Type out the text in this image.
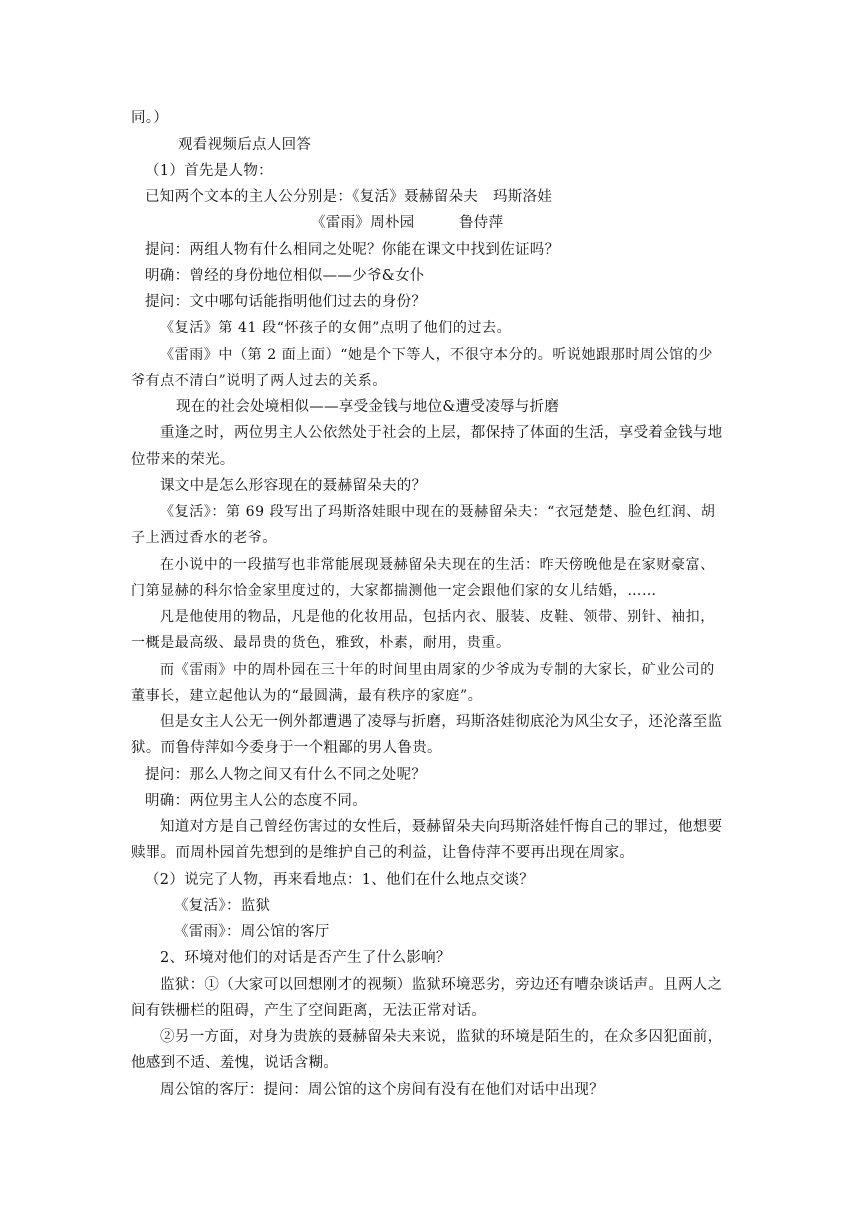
同。）
观看视频后点人回答
（1）首先是人物：
已知两个文本的主人公分别是：《复活》聂赫留朵夫　玛斯洛娃
《雷雨》周朴园　　　鲁侍萍
提问：两组人物有什么相同之处呢？你能在课文中找到佐证吗？
明确：曾经的身份地位相似——少爷&女仆
提问：文中哪句话能指明他们过去的身份？
《复活》第 41 段“怀孩子的女佣”点明了他们的过去。
《雷雨》中（第 2 面上面）“她是个下等人，不很守本分的。听说她跟那时周公馆的少
爷有点不清白”说明了两人过去的关系。
现在的社会处境相似——享受金钱与地位&遭受凌辱与折磨
重逢之时，两位男主人公依然处于社会的上层，都保持了体面的生活，享受着金钱与地
位带来的荣光。
课文中是怎么形容现在的聂赫留朵夫的？
《复活》：第 69 段写出了玛斯洛娃眼中现在的聂赫留朵夫：“衣冠楚楚、脸色红润、胡
子上洒过香水的老爷。
在小说中的一段描写也非常能展现聂赫留朵夫现在的生活：昨天傍晚他是在家财豪富、
门第显赫的科尔恰金家里度过的，大家都揣测他一定会跟他们家的女儿结婚，……
凡是他使用的物品，凡是他的化妆用品，包括内衣、服装、皮鞋、领带、别针、袖扣，
一概是最高级、最昂贵的货色，雅致，朴素，耐用，贵重。
而《雷雨》中的周朴园在三十年的时间里由周家的少爷成为专制的大家长，矿业公司的
董事长，建立起他认为的“最圆满，最有秩序的家庭”。
但是女主人公无一例外都遭遇了凌辱与折磨，玛斯洛娃彻底沦为风尘女子，还沦落至监
狱。而鲁侍萍如今委身于一个粗鄙的男人鲁贵。
提问：那么人物之间又有什么不同之处呢？
明确：两位男主人公的态度不同。
知道对方是自己曾经伤害过的女性后，聂赫留朵夫向玛斯洛娃忏悔自己的罪过，他想要
赎罪。而周朴园首先想到的是维护自己的利益，让鲁侍萍不要再出现在周家。
（2）说完了人物，再来看地点：1、他们在什么地点交谈？
《复活》：监狱
《雷雨》：周公馆的客厅
2、环境对他们的对话是否产生了什么影响？
监狱：①（大家可以回想刚才的视频）监狱环境恶劣，旁边还有嘈杂谈话声。且两人之
间有铁栅栏的阻碍，产生了空间距离，无法正常对话。
②另一方面，对身为贵族的聂赫留朵夫来说，监狱的环境是陌生的，在众多囚犯面前，
他感到不适、羞愧，说话含糊。
周公馆的客厅：提问：周公馆的这个房间有没有在他们对话中出现？
